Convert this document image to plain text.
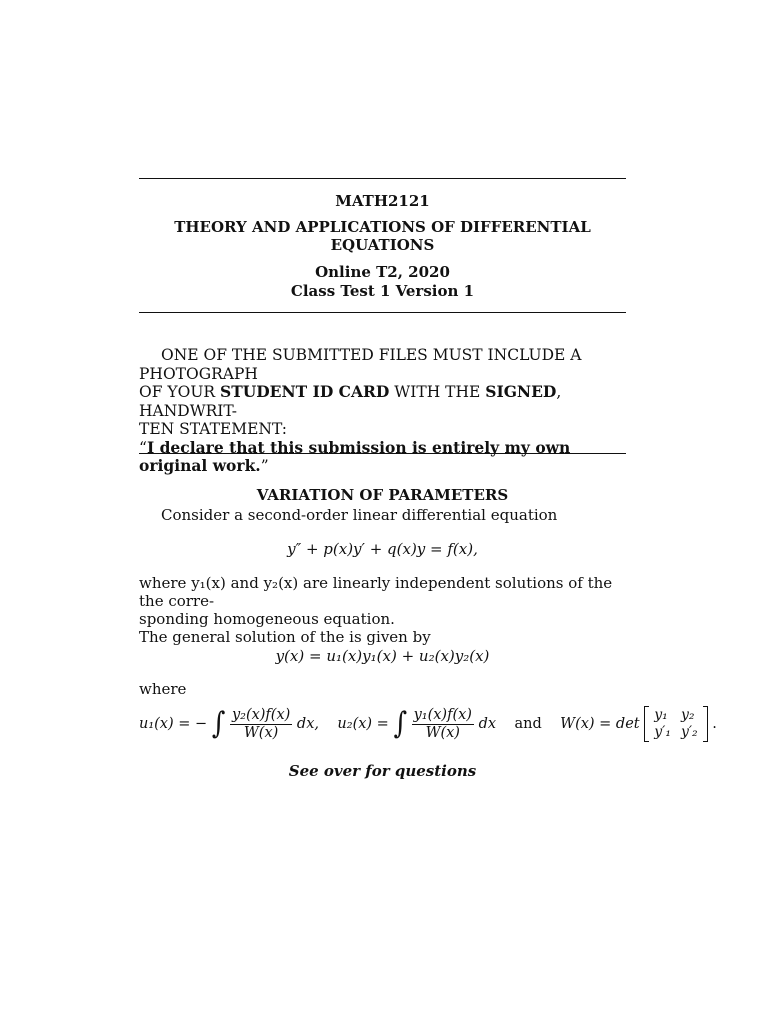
MATH2121
THEORY AND APPLICATIONS OF DIFFERENTIAL
EQUATIONS
Online T2, 2020
Class Test 1 Version 1
ONE OF THE SUBMITTED FILES MUST INCLUDE A PHOTOGRAPH
OF YOUR STUDENT ID CARD WITH THE SIGNED, HANDWRIT-
TEN STATEMENT:
“I declare that this submission is entirely my own original work.”
VARIATION OF PARAMETERS
Consider a second-order linear differential equation
y″ + p(x)y′ + q(x)y = f(x),
where y₁(x) and y₂(x) are linearly independent solutions of the the corre-
sponding homogeneous equation.
The general solution of the is given by
y(x) = u₁(x)y₁(x) + u₂(x)y₂(x)
where
u₁(x) = − ∫ $\frac{\text{y₂(x)f(x)}}{W(x)}$ dx, u₂(x) = ∫ $\frac{\text{y₁(x)f(x)}}{W(x)}$ dx and W(x) = det
y₁	y₂
y′₁	y′₂ .
See over for questions
